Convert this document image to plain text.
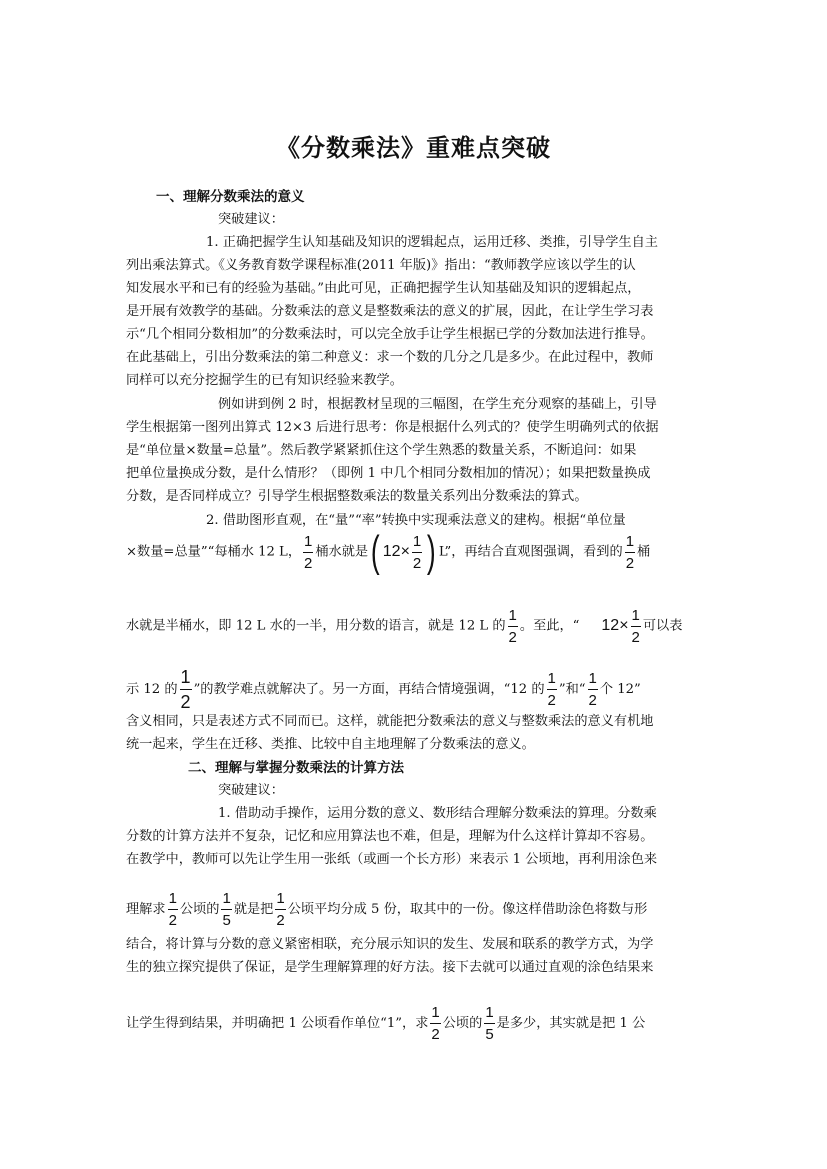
《分数乘法》重难点突破
一、理解分数乘法的意义
突破建议：
1. 正确把握学生认知基础及知识的逻辑起点，运用迁移、类推，引导学生自主
列出乘法算式。《义务教育数学课程标准(2011 年版)》指出：“教师教学应该以学生的认
知发展水平和已有的经验为基础。”由此可见，正确把握学生认知基础及知识的逻辑起点，
是开展有效教学的基础。分数乘法的意义是整数乘法的意义的扩展，因此，在让学生学习表
示“几个相同分数相加”的分数乘法时，可以完全放手让学生根据已学的分数加法进行推导。
在此基础上，引出分数乘法的第二种意义：求一个数的几分之几是多少。在此过程中，教师
同样可以充分挖掘学生的已有知识经验来教学。
例如讲到例 2 时，根据教材呈现的三幅图，在学生充分观察的基础上，引导
学生根据第一图列出算式 12×3 后进行思考：你是根据什么列式的？使学生明确列式的依据
是“单位量×数量=总量”。然后教学紧紧抓住这个学生熟悉的数量关系，不断追问：如果
把单位量换成分数，是什么情形？（即例 1 中几个相同分数相加的情况）；如果把数量换成
分数，是否同样成立？引导学生根据整数乘法的数量关系列出分数乘法的算式。
2. 借助图形直观，在“量”“率”转换中实现乘法意义的建构。根据“单位量
×数量=总量”“每桶水 12 L， $\frac{1}{2}$ 桶水就是( $12\times \frac{1}{2}$ ) L”，再结合直观图强调，看到的 $\frac{1}{2}$ 桶
水就是半桶水，即 12 L 水的一半，用分数的语言，就是 12 L 的 $\frac{1}{2}$ 。至此，“ $12\times \frac{1}{2}$ 可以表
示 12 的 $\frac{1}{2}$ ”的教学难点就解决了。另一方面，再结合情境强调，“12 的 $\frac{1}{2}$ ”和“ $\frac{1}{2}$ 个 12”
含义相同，只是表述方式不同而已。这样，就能把分数乘法的意义与整数乘法的意义有机地
统一起来，学生在迁移、类推、比较中自主地理解了分数乘法的意义。
二、理解与掌握分数乘法的计算方法
突破建议：
1. 借助动手操作，运用分数的意义、数形结合理解分数乘法的算理。分数乘
分数的计算方法并不复杂，记忆和应用算法也不难，但是，理解为什么这样计算却不容易。
在教学中，教师可以先让学生用一张纸（或画一个长方形）来表示 1 公顷地，再利用涂色来
理解求 $\frac{1}{2}$ 公顷的 $\frac{1}{5}$ 就是把 $\frac{1}{2}$ 公顷平均分成 5 份，取其中的一份。像这样借助涂色将数与形
结合，将计算与分数的意义紧密相联，充分展示知识的发生、发展和联系的教学方式，为学
生的独立探究提供了保证，是学生理解算理的好方法。接下去就可以通过直观的涂色结果来
让学生得到结果，并明确把 1 公顷看作单位“1”，求 $\frac{1}{2}$ 公顷的 $\frac{1}{5}$ 是多少，其实就是把 1 公
